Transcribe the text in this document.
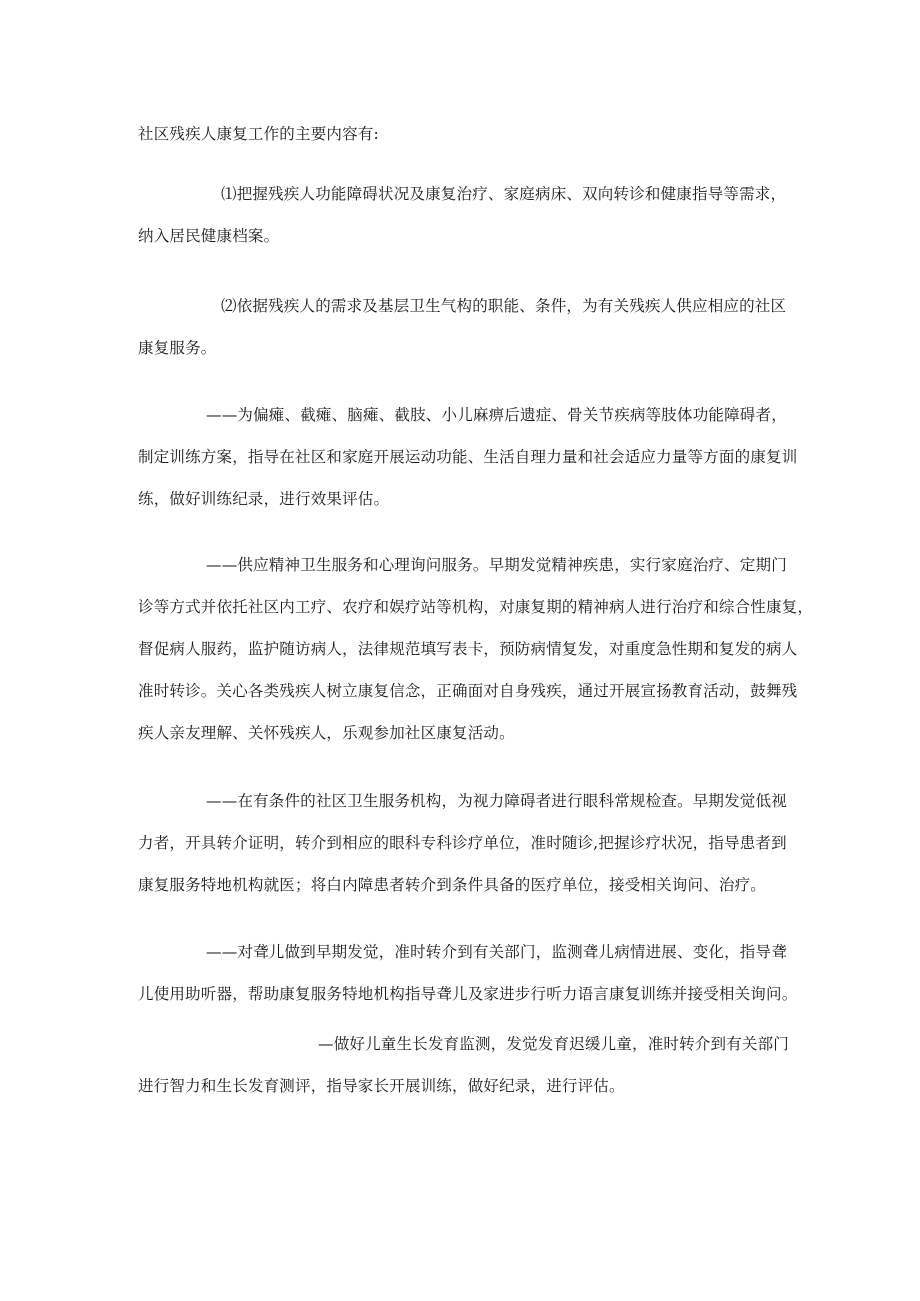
社区残疾人康复工作的主要内容有:
⑴把握残疾人功能障碍状况及康复治疗、家庭病床、双向转诊和健康指导等需求，
纳入居民健康档案。
⑵依据残疾人的需求及基层卫生气构的职能、条件，为有关残疾人供应相应的社区
康复服务。
——为偏瘫、截瘫、脑瘫、截肢、小儿麻痹后遗症、骨关节疾病等肢体功能障碍者，
制定训练方案，指导在社区和家庭开展运动功能、生活自理力量和社会适应力量等方面的康复训
练，做好训练纪录，进行效果评估。
——供应精神卫生服务和心理询问服务。早期发觉精神疾患，实行家庭治疗、定期门
诊等方式并依托社区内工疗、农疗和娱疗站等机构，对康复期的精神病人进行治疗和综合性康复，
督促病人服药，监护随访病人，法律规范填写表卡，预防病情复发，对重度急性期和复发的病人
准时转诊。关心各类残疾人树立康复信念，正确面对自身残疾，通过开展宣扬教育活动，鼓舞残
疾人亲友理解、关怀残疾人，乐观参加社区康复活动。
——在有条件的社区卫生服务机构，为视力障碍者进行眼科常规检查。早期发觉低视
力者，开具转介证明，转介到相应的眼科专科诊疗单位，准时随诊,把握诊疗状况，指导患者到
康复服务特地机构就医；将白内障患者转介到条件具备的医疗单位，接受相关询问、治疗。
——对聋儿做到早期发觉，准时转介到有关部门，监测聋儿病情进展、变化，指导聋
儿使用助听器，帮助康复服务特地机构指导聋儿及家进步行听力语言康复训练并接受相关询问。
—做好儿童生长发育监测，发觉发育迟缓儿童，准时转介到有关部门
进行智力和生长发育测评，指导家长开展训练，做好纪录，进行评估。
